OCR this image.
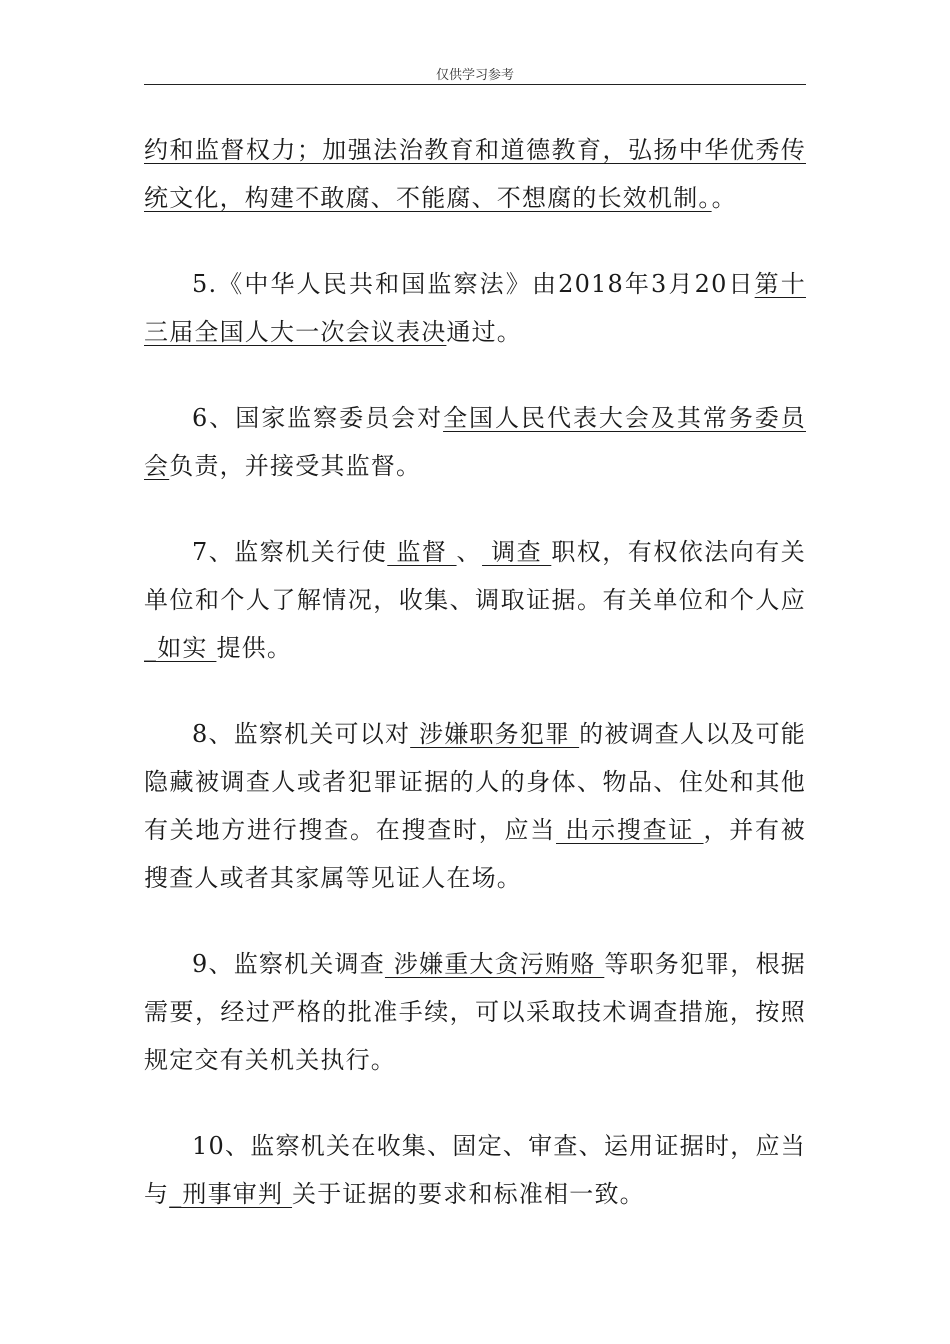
仅供学习参考

约和监督权力；加强法治教育和道德教育，弘扬中华优秀传统文化，构建不敢腐、不能腐、不想腐的长效机制。。

5.《中华人民共和国监察法》由2018年3月20日第十三届全国人大一次会议表决通过。

6、国家监察委员会对全国人民代表大会及其常务委员会负责，并接受其监督。

7、监察机关行使 监督 、 调查 职权，有权依法向有关单位和个人了解情况，收集、调取证据。有关单位和个人应_如实 提供。

8、监察机关可以对 涉嫌职务犯罪 的被调查人以及可能隐藏被调查人或者犯罪证据的人的身体、物品、住处和其他有关地方进行搜查。在搜查时，应当 出示搜查证 ，并有被搜查人或者其家属等见证人在场。

9、监察机关调查 涉嫌重大贪污贿赂 等职务犯罪，根据需要，经过严格的批准手续，可以采取技术调查措施，按照规定交有关机关执行。

10、监察机关在收集、固定、审查、运用证据时，应当与_刑事审判 关于证据的要求和标准相一致。
